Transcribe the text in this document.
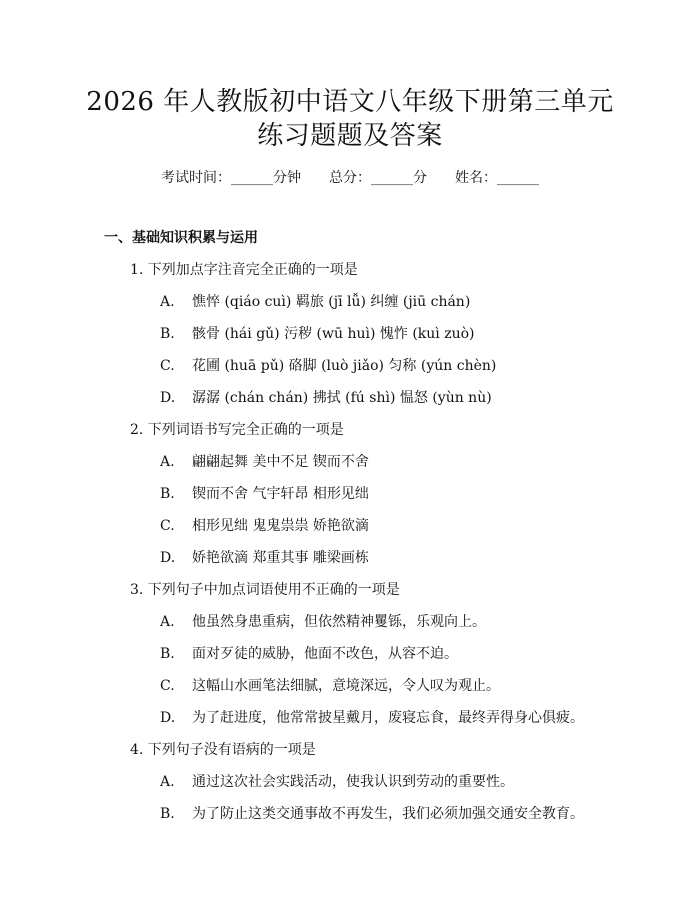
2026 年人教版初中语文八年级下册第三单元
练习题题及答案
考试时间：______分钟 总分：______分 姓名：______
一、基础知识积累与运用
1. 下列加点字注音完全正确的一项是
A. 憔悴 (qiáo cuì) 羁旅 (jī lǚ) 纠缠 (jiū chán)
B. 骸骨 (hái gǔ) 污秽 (wū huì) 愧怍 (kuì zuò)
C. 花圃 (huā pǔ) 硌脚 (luò jiǎo) 匀称 (yún chèn)
D. 潺潺 (chán chán) 拂拭 (fú shì) 愠怒 (yùn nù)
2. 下列词语书写完全正确的一项是
A. 翩翩起舞 美中不足 锲而不舍
B. 锲而不舍 气宇轩昂 相形见绌
C. 相形见绌 鬼鬼祟祟 娇艳欲滴
D. 娇艳欲滴 郑重其事 雕梁画栋
3. 下列句子中加点词语使用不正确的一项是
A. 他虽然身患重病，但依然精神矍铄，乐观向上。
B. 面对歹徒的威胁，他面不改色，从容不迫。
C. 这幅山水画笔法细腻，意境深远，令人叹为观止。
D. 为了赶进度，他常常披星戴月，废寝忘食，最终弄得身心俱疲。
4. 下列句子没有语病的一项是
A. 通过这次社会实践活动，使我认识到劳动的重要性。
B. 为了防止这类交通事故不再发生，我们必须加强交通安全教育。
